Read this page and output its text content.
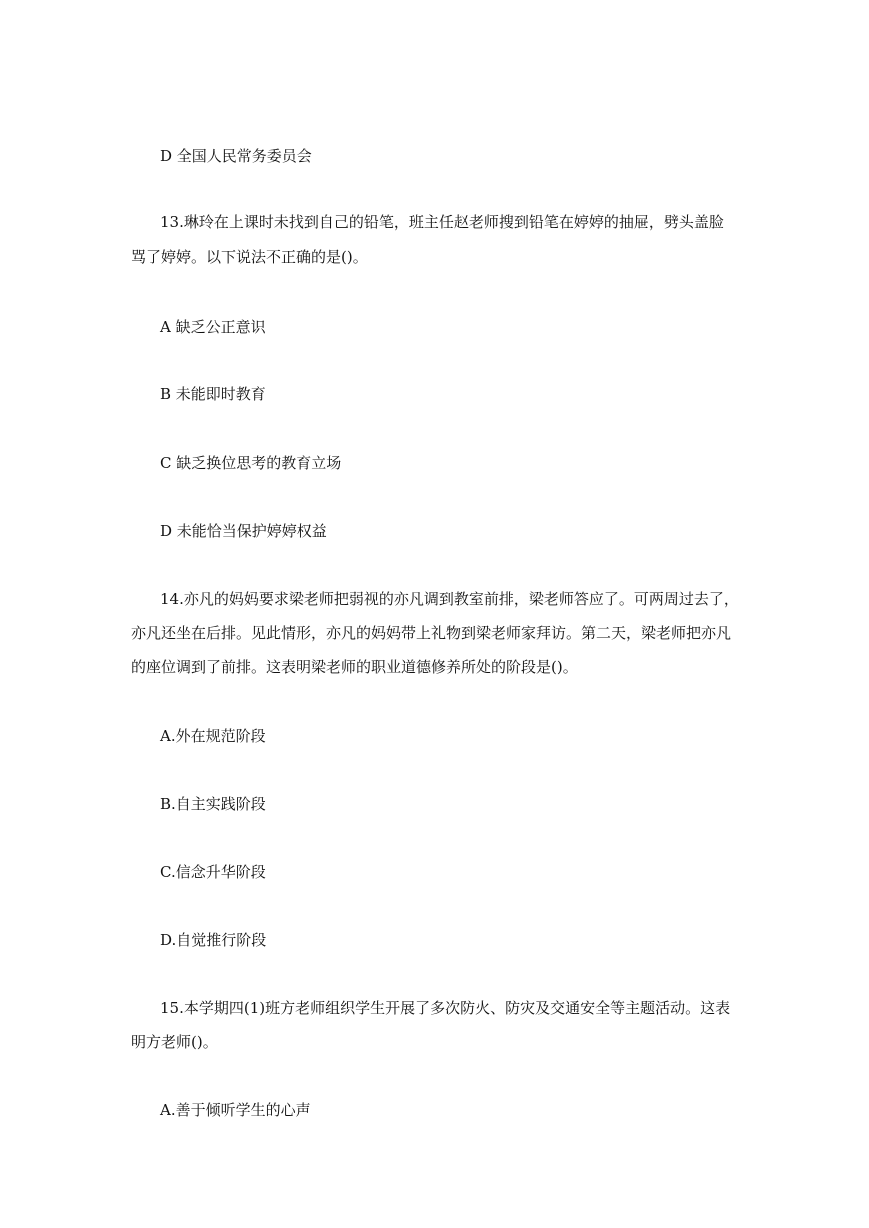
D 全国人民常务委员会
13.琳玲在上课时未找到自己的铅笔，班主任赵老师搜到铅笔在婷婷的抽屉，劈头盖脸
骂了婷婷。以下说法不正确的是()。
A 缺乏公正意识
B 未能即时教育
C 缺乏换位思考的教育立场
D 未能恰当保护婷婷权益
14.亦凡的妈妈要求梁老师把弱视的亦凡调到教室前排，梁老师答应了。可两周过去了，
亦凡还坐在后排。见此情形，亦凡的妈妈带上礼物到梁老师家拜访。第二天，梁老师把亦凡
的座位调到了前排。这表明梁老师的职业道德修养所处的阶段是()。
A.外在规范阶段
B.自主实践阶段
C.信念升华阶段
D.自觉推行阶段
15.本学期四(1)班方老师组织学生开展了多次防火、防灾及交通安全等主题活动。这表
明方老师()。
A.善于倾听学生的心声
